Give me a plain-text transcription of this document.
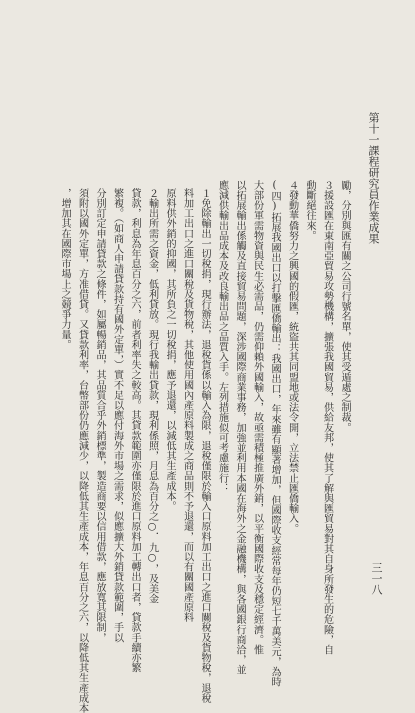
第十一課程研究員作業成果
三一八
勵，分別與匯有關之公司行號名單，使其受遁處之制裁。
３援設匯在東南亞貿易攻勢機構，擴張我國貿易，供給友邦，使其了解與匯貿易對其自身所發生的危險，自
動斷絕往來。
４發動華僑努力之興國的假匯，統盜共其同盟地或法令開，立法禁止匯僑輸入。
(四)拓展我國出口以打擊匯僑輸出：我國出口，年來雖有顯著增加，但國際收支經常每年仍短七千萬美元，為時
大部份軍需物資與民生必需品，仍需仰賴外國輸入，故亟需積極推廣外銷，以平衡國際收支及穩定經濟。惟
以拓展輸出係觸及直接貿易問題，深涉國際商業事務，加強並利用本國在海外之金融機構，與各國銀行商洽，並
應減供輸出品成本及改良輸出品之品質入手。左列措施似可考慮施行：
１免除輸出一切稅捐，現行辦法，退稅貨係以輸入為限，退稅僅限於輸入口原料加工出口之進口關稅及貨物稅，退稅
料加工出口之進口關稅及貨物稅，其他使用國內產原料製成之商品則不予退還，而以有關國產原料
原料供外銷的抑國，其所負之一切稅捐，應予退還，以減低其生產成本。
２輸出所需之資金，低利貸放。現行我輸出貸款，現利係照，月息為百分之○．九○，及美金
貸款，利息為年息百分之六，前者利率失之較高。其貸款範圍亦僅限於進口原料加工轉出口者，貸款手續亦繁
繁複。（如商人申請貸款持有國外定單，）實不足以應付海外市場之需求，似應擴大外銷貸款範圍，手以
分別訂定申請貸款之條件，如屬暢銷品，其品質合乎外銷標準，製造商要以信用借款，應放寬其限制，
須附以國外定單，方准借貸。又貸款利率，台幣部份仍應減少，以降低其生產成本，年息百分之六，以降低其生產成本
，增加其在國際市場上之競爭力量。
